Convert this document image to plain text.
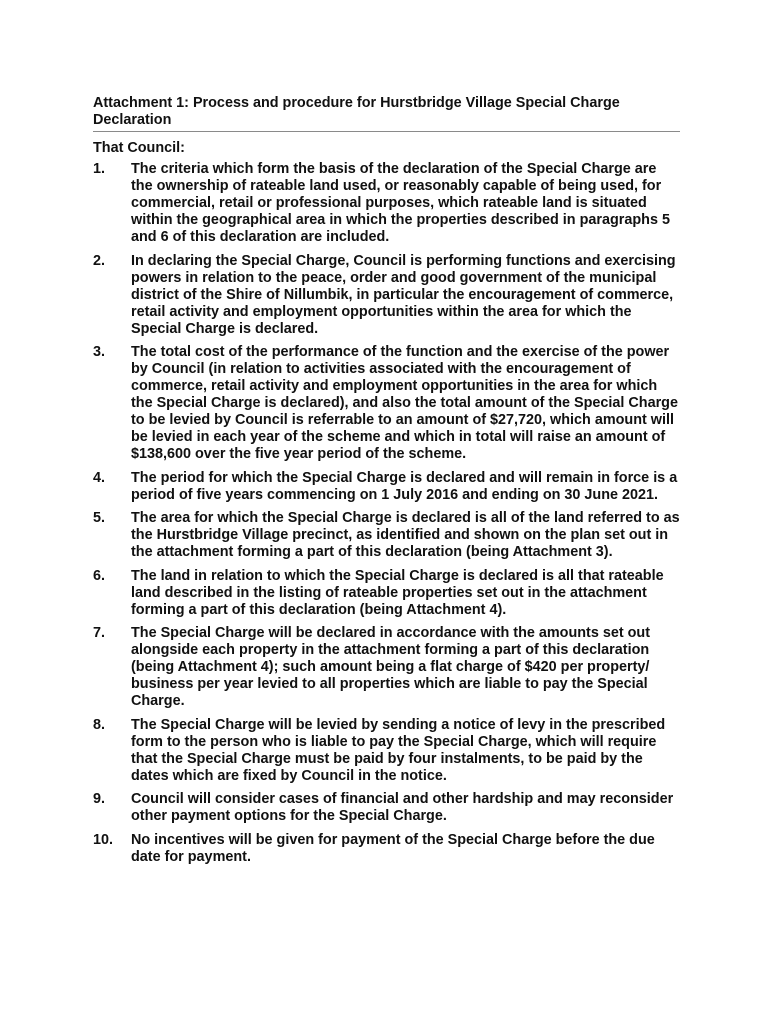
Attachment 1: Process and procedure for Hurstbridge Village Special Charge Declaration

That Council:

1.	The criteria which form the basis of the declaration of the Special Charge are the ownership of rateable land used, or reasonably capable of being used, for commercial, retail or professional purposes, which rateable land is situated within the geographical area in which the properties described in paragraphs 5 and 6 of this declaration are included.
2.	In declaring the Special Charge, Council is performing functions and exercising powers in relation to the peace, order and good government of the municipal district of the Shire of Nillumbik, in particular the encouragement of commerce, retail activity and employment opportunities within the area for which the Special Charge is declared.
3.	The total cost of the performance of the function and the exercise of the power by Council (in relation to activities associated with the encouragement of commerce, retail activity and employment opportunities in the area for which the Special Charge is declared), and also the total amount of the Special Charge to be levied by Council is referrable to an amount of $27,720, which amount will be levied in each year of the scheme and which in total will raise an amount of $138,600 over the five year period of the scheme.
4.	The period for which the Special Charge is declared and will remain in force is a period of five years commencing on 1 July 2016 and ending on 30 June 2021.
5.	The area for which the Special Charge is declared is all of the land referred to as the Hurstbridge Village precinct, as identified and shown on the plan set out in the attachment forming a part of this declaration (being Attachment 3).
6.	The land in relation to which the Special Charge is declared is all that rateable land described in the listing of rateable properties set out in the attachment forming a part of this declaration (being Attachment 4).
7.	The Special Charge will be declared in accordance with the amounts set out alongside each property in the attachment forming a part of this declaration (being Attachment 4); such amount being a flat charge of $420 per property/ business per year levied to all properties which are liable to pay the Special Charge.
8.	The Special Charge will be levied by sending a notice of levy in the prescribed form to the person who is liable to pay the Special Charge, which will require that the Special Charge must be paid by four instalments, to be paid by the dates which are fixed by Council in the notice.
9.	Council will consider cases of financial and other hardship and may reconsider other payment options for the Special Charge.
10.	No incentives will be given for payment of the Special Charge before the due date for payment.
